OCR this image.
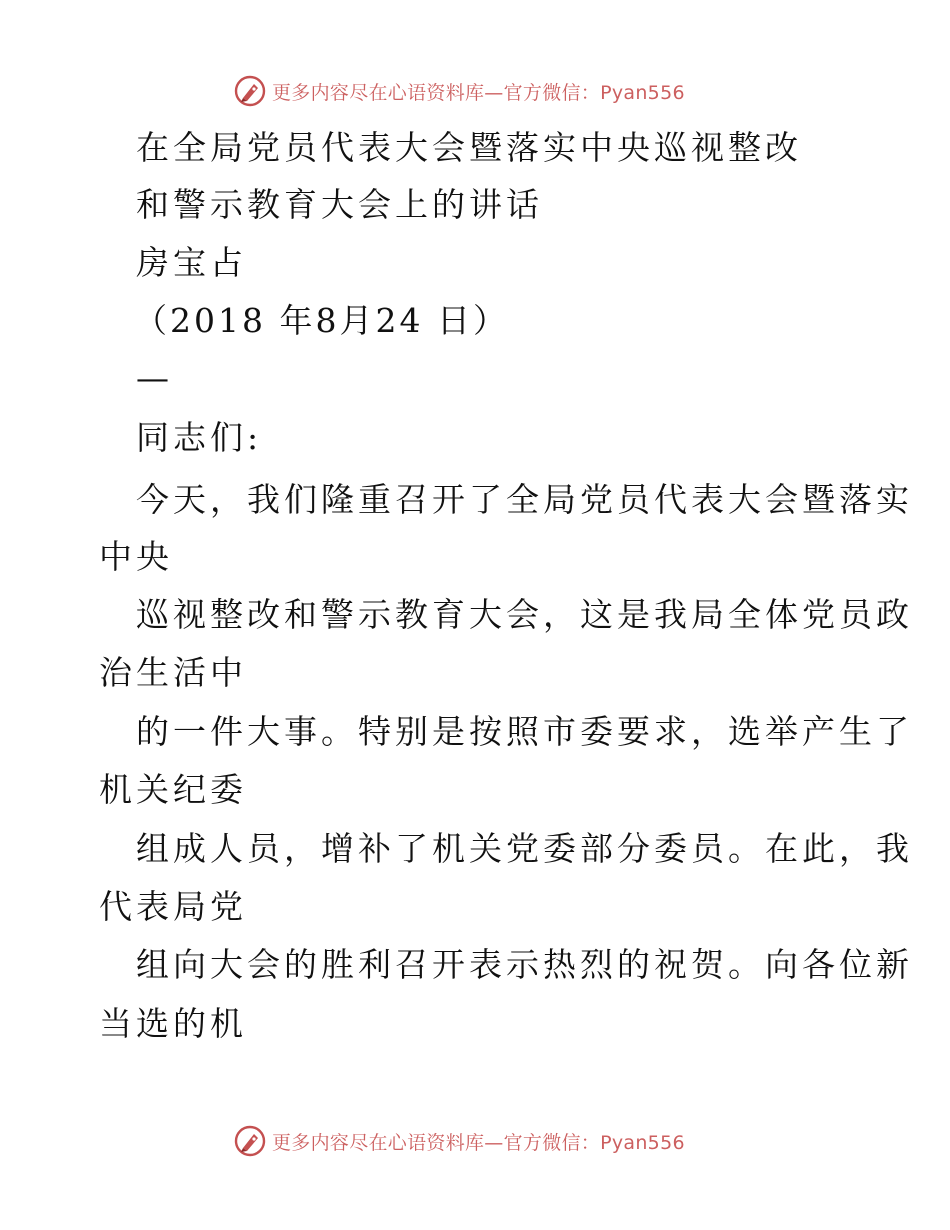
更多内容尽在心语资料库—官方微信：Pyan556
在全局党员代表大会暨落实中央巡视整改
和警示教育大会上的讲话
房宝占
（2018 年8月24 日）
—
同志们:
今天，我们隆重召开了全局党员代表大会暨落实
中央
巡视整改和警示教育大会，这是我局全体党员政
治生活中
的一件大事。特别是按照市委要求，选举产生了
机关纪委
组成人员，增补了机关党委部分委员。在此，我
代表局党
组向大会的胜利召开表示热烈的祝贺。向各位新
当选的机
更多内容尽在心语资料库—官方微信：Pyan556
